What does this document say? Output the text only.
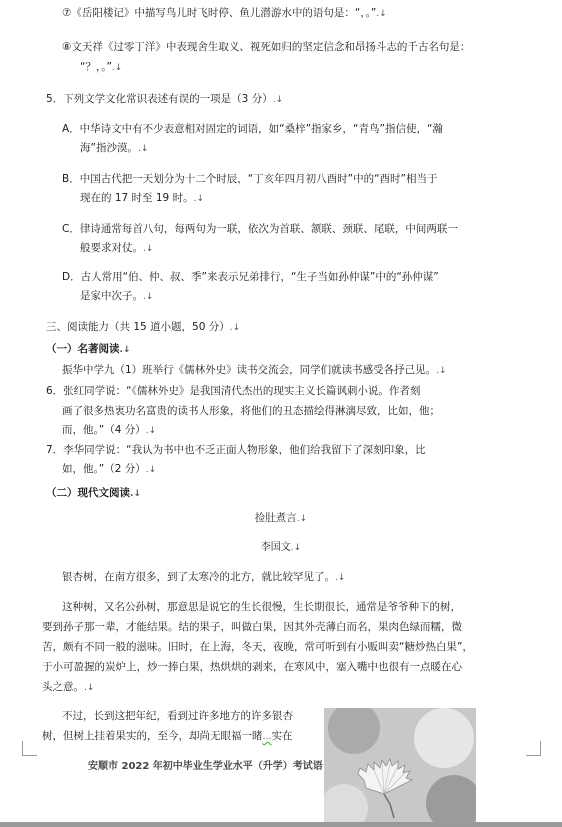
⑦《岳阳楼记》中描写鸟儿时飞时停、鱼儿潜游水中的语句是：“，。”.↓
⑧文天祥《过零丁洋》中表现舍生取义、视死如归的坚定信念和昂扬斗志的千古名句是：
“？，。”.↓
5．下列文学文化常识表述有误的一项是（3 分）.↓
A．中华诗文中有不少表意相对固定的词语，如“桑梓”指家乡，“青鸟”指信使，“瀚
海”指沙漠。.↓
B．中国古代把一天划分为十二个时辰，“丁亥年四月初八酉时”中的“酉时”相当于
现在的 17 时至 19 时。.↓
C．律诗通常每首八句，每两句为一联，依次为首联、颔联、颈联、尾联，中间两联一
般要求对仗。.↓
D．古人常用“伯、仲、叔、季”来表示兄弟排行，“生子当如孙仲谋”中的“孙仲谋”
是家中次子。.↓
三、阅读能力（共 15 道小题，50 分）.↓
（一）名著阅读.↓
振华中学九（1）班举行《儒林外史》读书交流会，同学们就读书感受各抒己见。.↓
6．张红同学说：“《儒林外史》是我国清代杰出的现实主义长篇讽刺小说。作者刻
画了很多热衷功名富贵的读书人形象，将他们的丑态描绘得淋漓尽致，比如，他；
而，他。”（4 分）.↓
7．李华同学说：“我认为书中也不乏正面人物形象，他们给我留下了深刻印象，比
如，他。”（2 分）.↓
（二）现代文阅读.↓
捡肚煮言.↓
李国文.↓
银杏树，在南方很多，到了太寒冷的北方，就比较罕见了。.↓
这种树，又名公孙树，那意思是说它的生长很慢，生长期很长，通常是爷爷种下的树，
要到孙子那一辈，才能结果。结的果子，叫做白果，因其外壳薄白而名，果肉色绿而糯，微
苦，颇有不同一般的滋味。旧时，在上海，冬天，夜晚，常可听到有小贩叫卖“糖炒热白果”，
于小可盈握的炭炉上，炒一捧白果，热烘烘的剥来，在寒风中，塞入嘴中也很有一点暖在心
头之意。.↓
不过，长到这把年纪，看到过许多地方的许多银杏
树，但树上挂着果实的，至今，却尚无眼福一睹…实在
安顺市 2022 年初中毕业生学业水平（升学）考试语
